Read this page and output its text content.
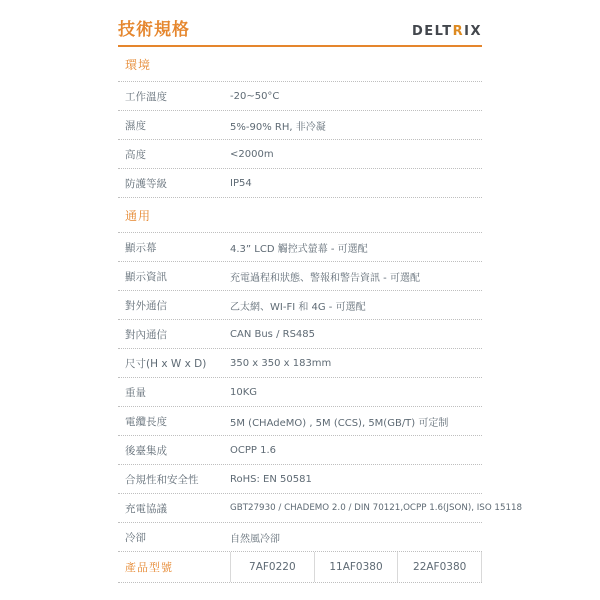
技術規格	DELTRIX
環境
工作溫度	-20~50°C
濕度	5%-90% RH, 非冷凝
高度	<2000m
防護等級	IP54
通用
顯示幕	4.3” LCD 觸控式螢幕 - 可選配
顯示資訊	充電過程和狀態、警報和警告資訊 - 可選配
對外通信	乙太網、WI-FI 和 4G - 可選配
對內通信	CAN Bus / RS485
尺寸(H x W x D)	350 x 350 x 183mm
重量	10KG
電纜長度	5M (CHAdeMO) , 5M (CCS), 5M(GB/T) 可定制
後臺集成	OCPP 1.6
合規性和安全性	RoHS: EN 50581
充電協議	GBT27930 / CHADEMO 2.0 / DIN 70121,OCPP 1.6(JSON), ISO 15118
冷卻	自然風冷卻
產品型號	7AF0220	11AF0380	22AF0380
